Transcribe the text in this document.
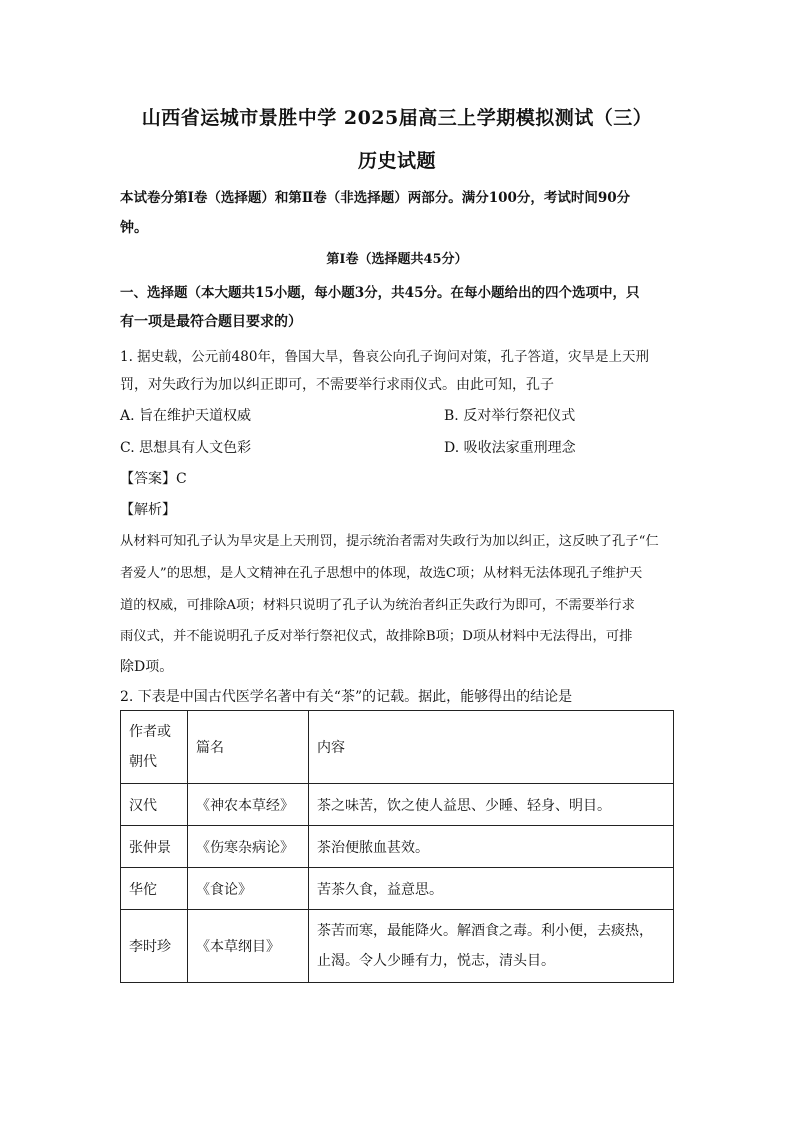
山西省运城市景胜中学 2025届高三上学期模拟测试（三）
历史试题
本试卷分第Ⅰ卷（选择题）和第Ⅱ卷（非选择题）两部分。满分100分，考试时间90分
钟。
第Ⅰ卷（选择题共45分）
一、选择题（本大题共15小题，每小题3分，共45分。在每小题给出的四个选项中，只
有一项是最符合题目要求的）
1. 据史载，公元前480年，鲁国大旱，鲁哀公向孔子询问对策，孔子答道，灾旱是上天刑
罚，对失政行为加以纠正即可，不需要举行求雨仪式。由此可知，孔子
A. 旨在维护天道权威	B. 反对举行祭祀仪式
C. 思想具有人文色彩	D. 吸收法家重刑理念
【答案】C
【解析】
从材料可知孔子认为旱灾是上天刑罚，提示统治者需对失政行为加以纠正，这反映了孔子“仁
者爱人”的思想，是人文精神在孔子思想中的体现，故选C项；从材料无法体现孔子维护天
道的权威，可排除A项；材料只说明了孔子认为统治者纠正失政行为即可，不需要举行求
雨仪式，并不能说明孔子反对举行祭祀仪式，故排除B项；D项从材料中无法得出，可排
除D项。
2. 下表是中国古代医学名著中有关“茶”的记载。据此，能够得出的结论是
作者或朝代	篇名	内容
汉代	《神农本草经》	茶之味苦，饮之使人益思、少睡、轻身、明目。
张仲景	《伤寒杂病论》	茶治便脓血甚效。
华佗	《食论》	苦茶久食，益意思。
李时珍	《本草纲目》	茶苦而寒，最能降火。解酒食之毒。利小便，去痰热，止渴。令人少睡有力，悦志，清头目。
